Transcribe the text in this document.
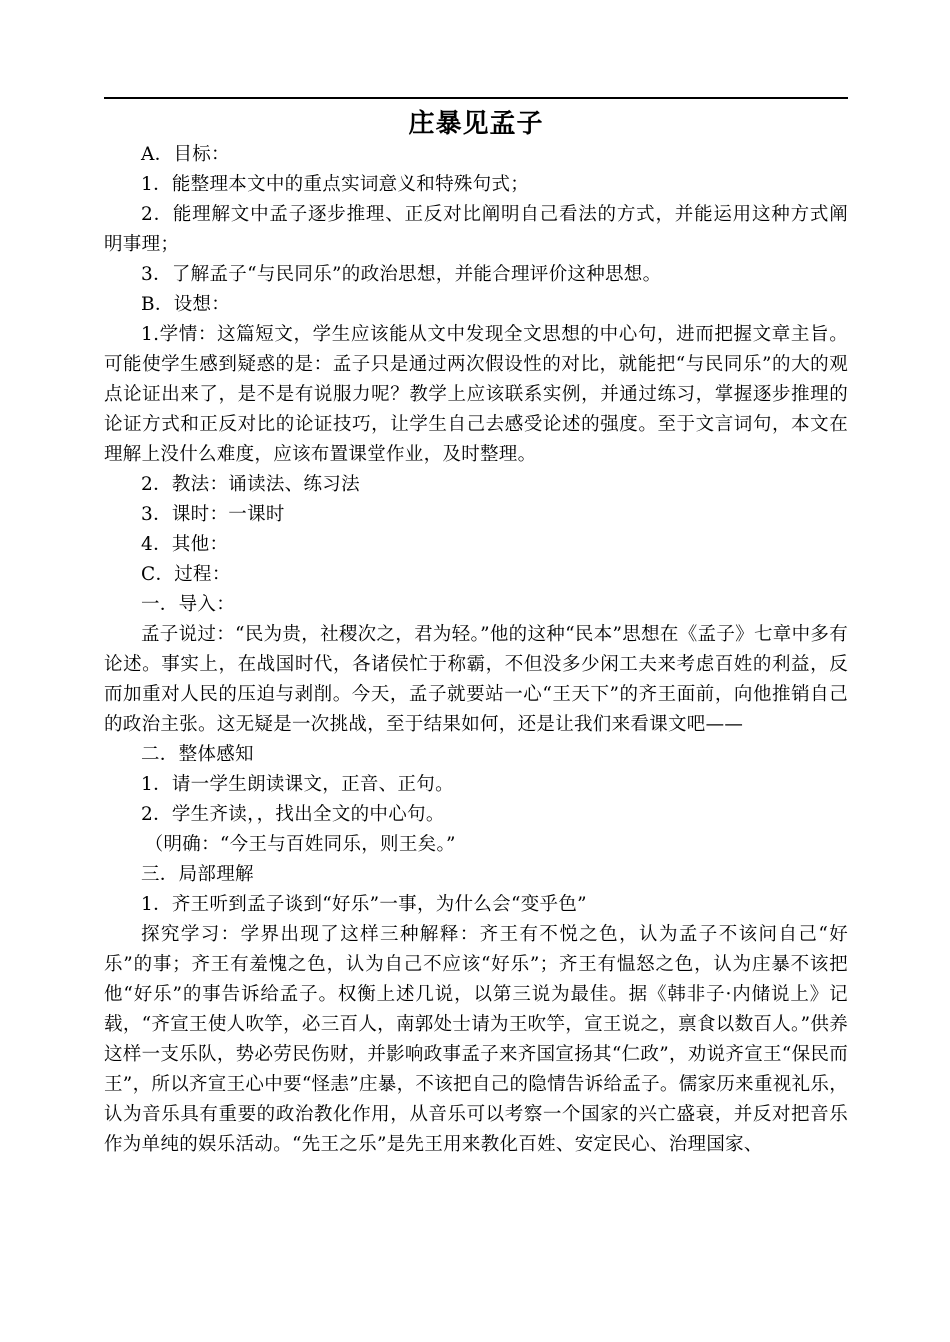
庄暴见孟子

A．目标：

1．能整理本文中的重点实词意义和特殊句式；

2．能理解文中孟子逐步推理、正反对比阐明自己看法的方式，并能运用这种方式阐明事理；

3．了解孟子“与民同乐”的政治思想，并能合理评价这种思想。

B．设想：

1.学情：这篇短文，学生应该能从文中发现全文思想的中心句，进而把握文章主旨。可能使学生感到疑惑的是：孟子只是通过两次假设性的对比，就能把“与民同乐”的大的观点论证出来了，是不是有说服力呢？教学上应该联系实例，并通过练习，掌握逐步推理的论证方式和正反对比的论证技巧，让学生自己去感受论述的强度。至于文言词句，本文在理解上没什么难度，应该布置课堂作业，及时整理。

2．教法：诵读法、练习法

3．课时：一课时

4．其他：

C．过程：

一．导入：

孟子说过：“民为贵，社稷次之，君为轻。”他的这种“民本”思想在《孟子》七章中多有论述。事实上，在战国时代，各诸侯忙于称霸，不但没多少闲工夫来考虑百姓的利益，反而加重对人民的压迫与剥削。今天，孟子就要站一心“王天下”的齐王面前，向他推销自己的政治主张。这无疑是一次挑战，至于结果如何，还是让我们来看课文吧——

二．整体感知

1．请一学生朗读课文，正音、正句。

2．学生齐读，，找出全文的中心句。

（明确：“今王与百姓同乐，则王矣。”

三．局部理解

1．齐王听到孟子谈到“好乐”一事，为什么会“变乎色”

探究学习：学界出现了这样三种解释：齐王有不悦之色，认为孟子不该问自己“好乐”的事；齐王有羞愧之色，认为自己不应该“好乐”；齐王有愠怒之色，认为庄暴不该把他“好乐”的事告诉给孟子。权衡上述几说，以第三说为最佳。据《韩非子·内储说上》记载，“齐宣王使人吹竽，必三百人，南郭处士请为王吹竽，宣王说之，禀食以数百人。”供养这样一支乐队，势必劳民伤财，并影响政事孟子来齐国宣扬其“仁政”，劝说齐宣王“保民而王”，所以齐宣王心中要“怪恚”庄暴，不该把自己的隐情告诉给孟子。儒家历来重视礼乐，认为音乐具有重要的政治教化作用，从音乐可以考察一个国家的兴亡盛衰，并反对把音乐作为单纯的娱乐活动。“先王之乐”是先王用来教化百姓、安定民心、治理国家、
